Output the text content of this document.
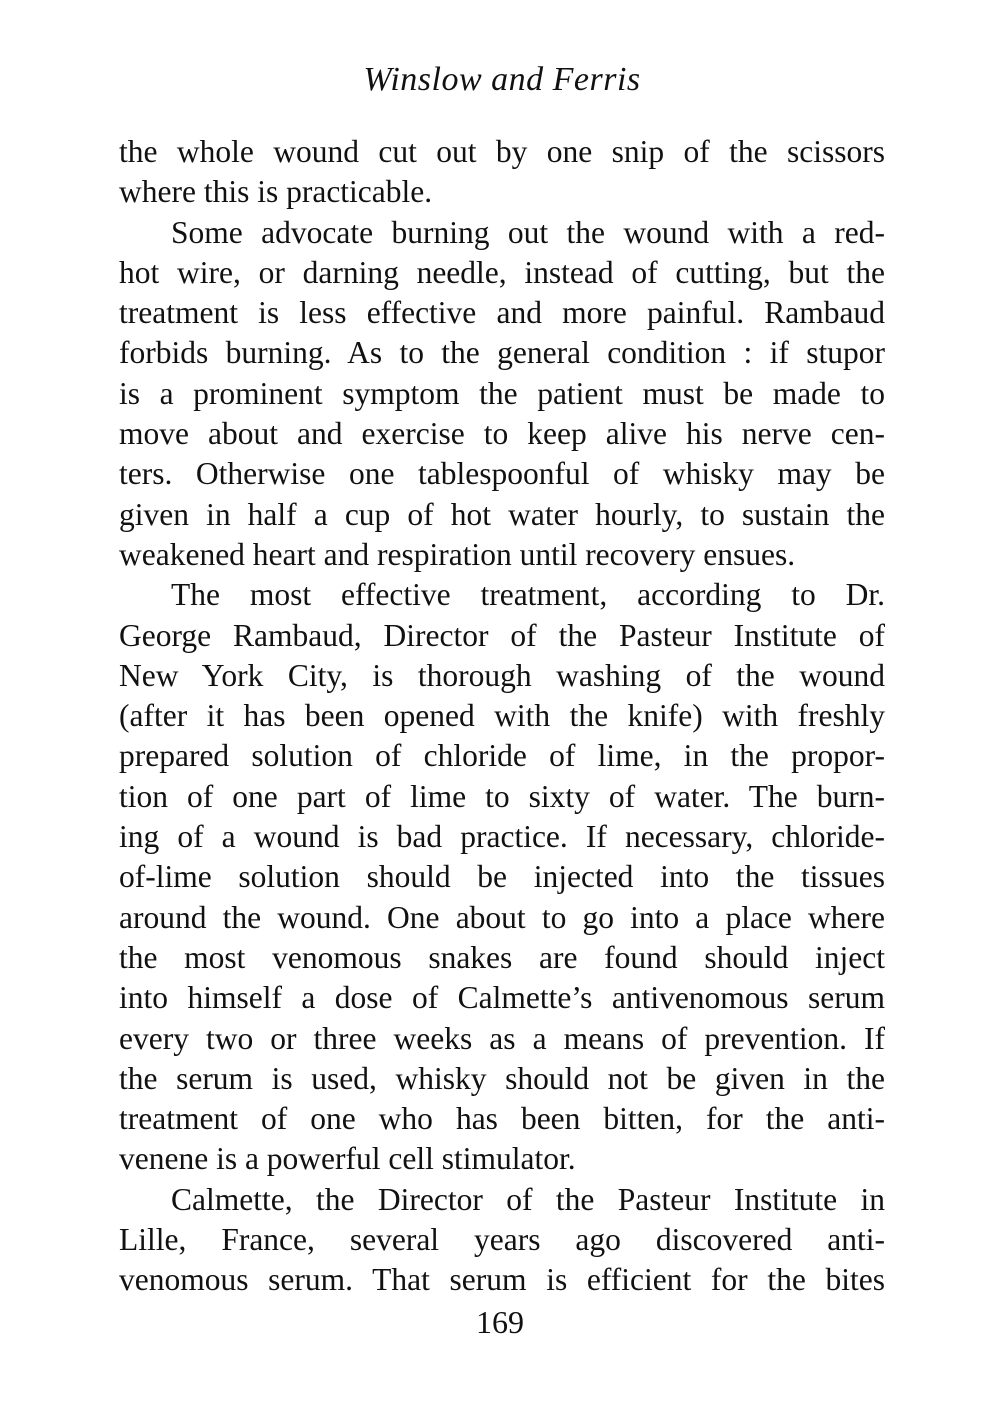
Winslow and Ferris
the whole wound cut out by one snip of the scissors
where this is practicable.
Some advocate burning out the wound with a red-
hot wire, or darning needle, instead of cutting, but the
treatment is less effective and more painful. Rambaud
forbids burning. As to the general condition : if stupor
is a prominent symptom the patient must be made to
move about and exercise to keep alive his nerve cen-
ters. Otherwise one tablespoonful of whisky may be
given in half a cup of hot water hourly, to sustain the
weakened heart and respiration until recovery ensues.
The most effective treatment, according to Dr.
George Rambaud, Director of the Pasteur Institute of
New York City, is thorough washing of the wound
(after it has been opened with the knife) with freshly
prepared solution of chloride of lime, in the propor-
tion of one part of lime to sixty of water. The burn-
ing of a wound is bad practice. If necessary, chloride-
of-lime solution should be injected into the tissues
around the wound. One about to go into a place where
the most venomous snakes are found should inject
into himself a dose of Calmette’s antivenomous serum
every two or three weeks as a means of prevention. If
the serum is used, whisky should not be given in the
treatment of one who has been bitten, for the anti-
venene is a powerful cell stimulator.
Calmette, the Director of the Pasteur Institute in
Lille, France, several years ago discovered anti-
venomous serum. That serum is efficient for the bites
169
